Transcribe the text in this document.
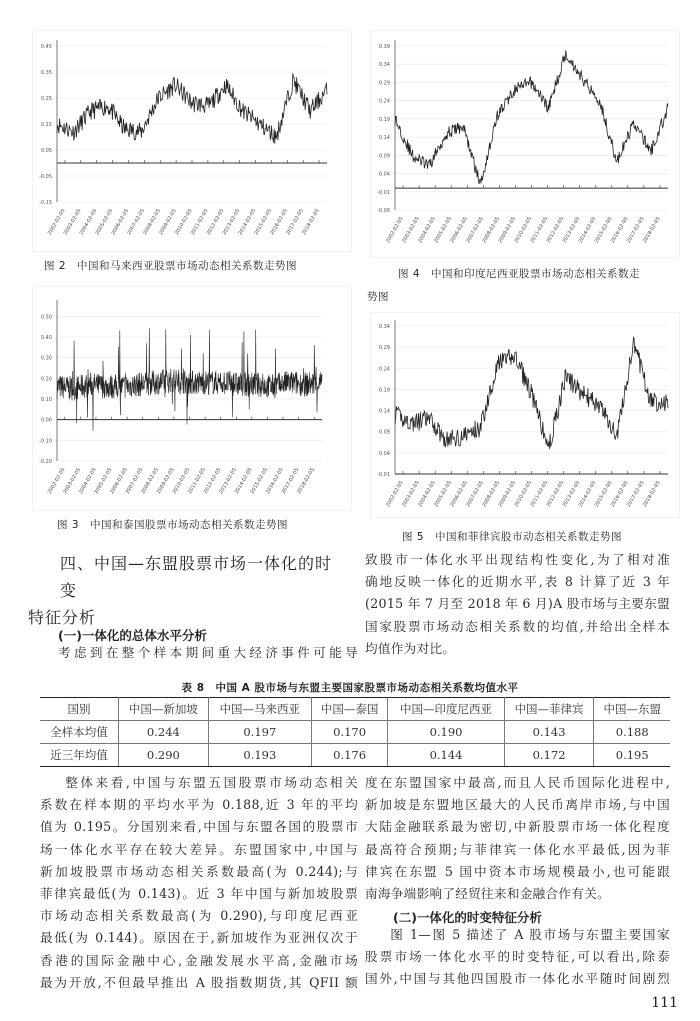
0.45
0.35
0.25
0.15
0.05
-0.05
-0.15
2002-02-05
2003-02-05
2004-02-05
2005-02-05
2006-02-05
2007-02-05
2008-02-05
2009-02-05
2010-02-05
2011-02-05
2012-02-05
2013-02-05
2014-02-05
2015-02-05
2016-02-05
2017-02-05
2018-02-05
图 2　中国和马来西亚股票市场动态相关系数走势图
0.39
0.34
0.29
0.24
0.19
0.14
0.09
0.04
-0.01
-0.06
2002-02-05
2003-02-05
2004-02-05
2005-02-05
2006-02-05
2007-02-05
2008-02-05
2009-02-05
2010-02-05
2011-02-05
2012-02-05
2013-02-05
2014-02-05
2015-02-05
2016-02-05
2017-02-05
2018-02-05
图 4　中国和印度尼西亚股票市场动态相关系数走
势图
0.50
0.40
0.30
0.20
0.10
0.00
-0.10
-0.20
2002-02-05
2003-02-05
2004-02-05
2005-02-05
2006-02-05
2007-02-05
2008-02-05
2009-02-05
2010-02-05
2011-02-05
2012-02-05
2013-02-05
2014-02-05
2015-02-05
2016-02-05
2017-02-05
2018-02-05
图 3　中国和泰国股票市场动态相关系数走势图
0.34
0.29
0.24
0.19
0.14
0.09
0.04
-0.01
2002-02-05
2003-02-05
2004-02-05
2005-02-05
2006-02-05
2007-02-05
2008-02-05
2009-02-05
2010-02-05
2011-02-05
2012-02-05
2013-02-05
2014-02-05
2015-02-05
2016-02-05
2017-02-05
2018-02-05
图 5　中国和菲律宾股市动态相关系数走势图
四、中国—东盟股票市场一体化的时变
特征分析
(一)一体化的总体水平分析

考虑到在整个样本期间重大经济事件可能导

致股市一体化水平出现结构性变化,为了相对准

确地反映一体化的近期水平,表 8 计算了近 3 年

(2015 年 7 月至 2018 年 6 月)A 股市场与主要东盟

国家股票市场动态相关系数的均值,并给出全样本

均值作为对比。

表 8　中国 A 股市场与东盟主要国家股票市场动态相关系数均值水平
国别	中国—新加坡	中国—马来西亚	中国—泰国	中国—印度尼西亚	中国—菲律宾	中国—东盟
全样本均值	0.244	0.197	0.170	0.190	0.143	0.188
近三年均值	0.290	0.193	0.176	0.144	0.172	0.195

整体来看,中国与东盟五国股票市场动态相关

系数在样本期的平均水平为 0.188,近 3 年的平均

值为 0.195。分国别来看,中国与东盟各国的股票市

场一体化水平存在较大差异。东盟国家中,中国与

新加坡股票市场动态相关系数最高(为 0.244);与

菲律宾最低(为 0.143)。近 3 年中国与新加坡股票

市场动态相关系数最高(为 0.290),与印度尼西亚

最低(为 0.144)。原因在于,新加坡作为亚洲仅次于

香港的国际金融中心,金融发展水平高,金融市场

最为开放,不但最早推出 A 股指数期货,其 QFII 额

度在东盟国家中最高,而且人民币国际化进程中,

新加坡是东盟地区最大的人民币离岸市场,与中国

大陆金融联系最为密切,中新股票市场一体化程度

最高符合预期;与菲律宾一体化水平最低,因为菲

律宾在东盟 5 国中资本市场规模最小,也可能跟

南海争端影响了经贸往来和金融合作有关。

(二)一体化的时变特征分析

图 1—图 5 描述了 A 股市场与东盟主要国家

股票市场一体化水平的时变特征,可以看出,除泰

国外,中国与其他四国股市一体化水平随时间剧烈

111
